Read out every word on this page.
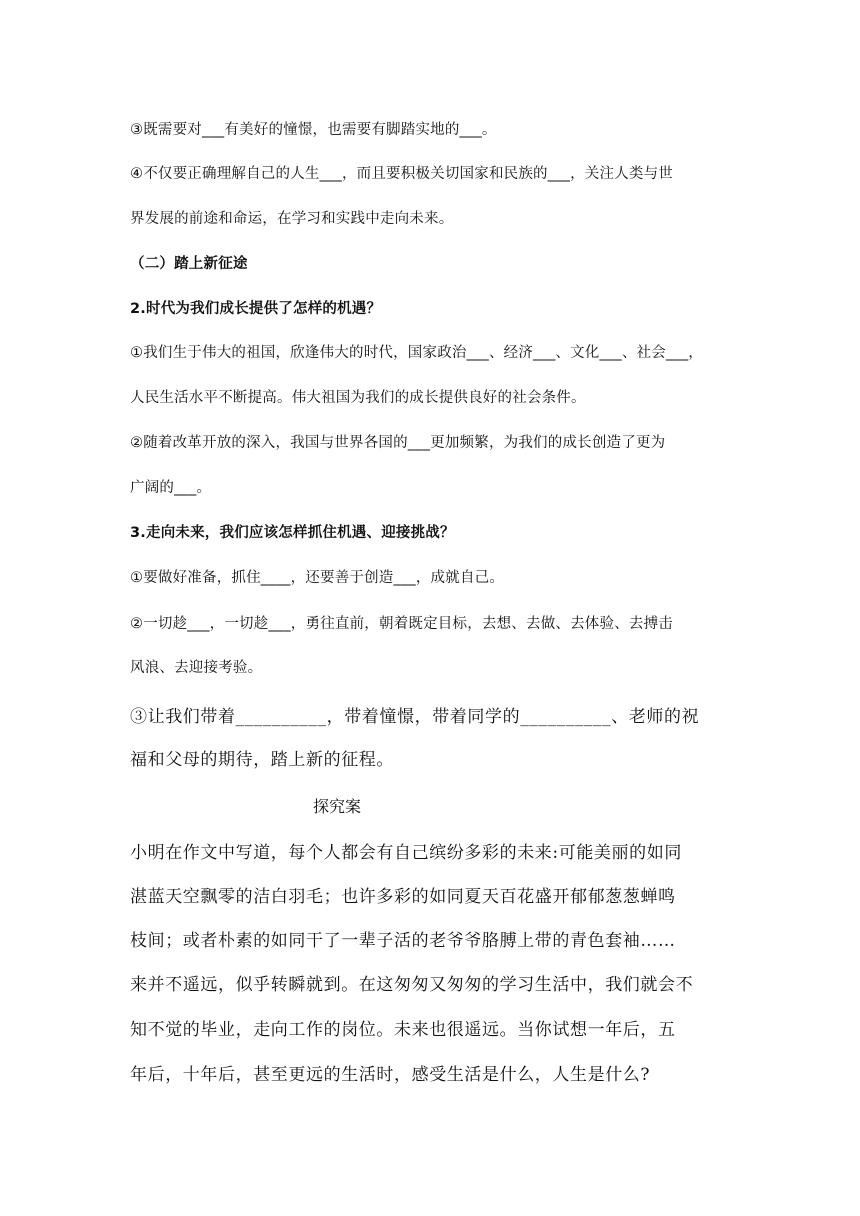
③既需要对___有美好的憧憬，也需要有脚踏实地的___。

④不仅要正确理解自己的人生___，而且要积极关切国家和民族的___，关注人类与世

界发展的前途和命运，在学习和实践中走向未来。

（二）踏上新征途

2.时代为我们成长提供了怎样的机遇？

①我们生于伟大的祖国，欣逢伟大的时代，国家政治___、经济___、文化___、社会___，

人民生活水平不断提高。伟大祖国为我们的成长提供良好的社会条件。

②随着改革开放的深入，我国与世界各国的___更加频繁，为我们的成长创造了更为

广阔的___。

3.走向未来，我们应该怎样抓住机遇、迎接挑战？

①要做好准备，抓住____，还要善于创造___，成就自己。

②一切趁___，一切趁___，勇往直前，朝着既定目标，去想、去做、去体验、去搏击

风浪、去迎接考验。

③让我们带着__________，带着憧憬，带着同学的__________、老师的祝

福和父母的期待，踏上新的征程。

探究案

小明在作文中写道，每个人都会有自己缤纷多彩的未来:可能美丽的如同

湛蓝天空飘零的洁白羽毛；也许多彩的如同夏天百花盛开郁郁葱葱蝉鸣

枝间；或者朴素的如同干了一辈子活的老爷爷胳膊上带的青色套袖……

来并不遥远，似乎转瞬就到。在这匆匆又匆匆的学习生活中，我们就会不

知不觉的毕业，走向工作的岗位。未来也很遥远。当你试想一年后，五

年后，十年后，甚至更远的生活时，感受生活是什么，人生是什么?
